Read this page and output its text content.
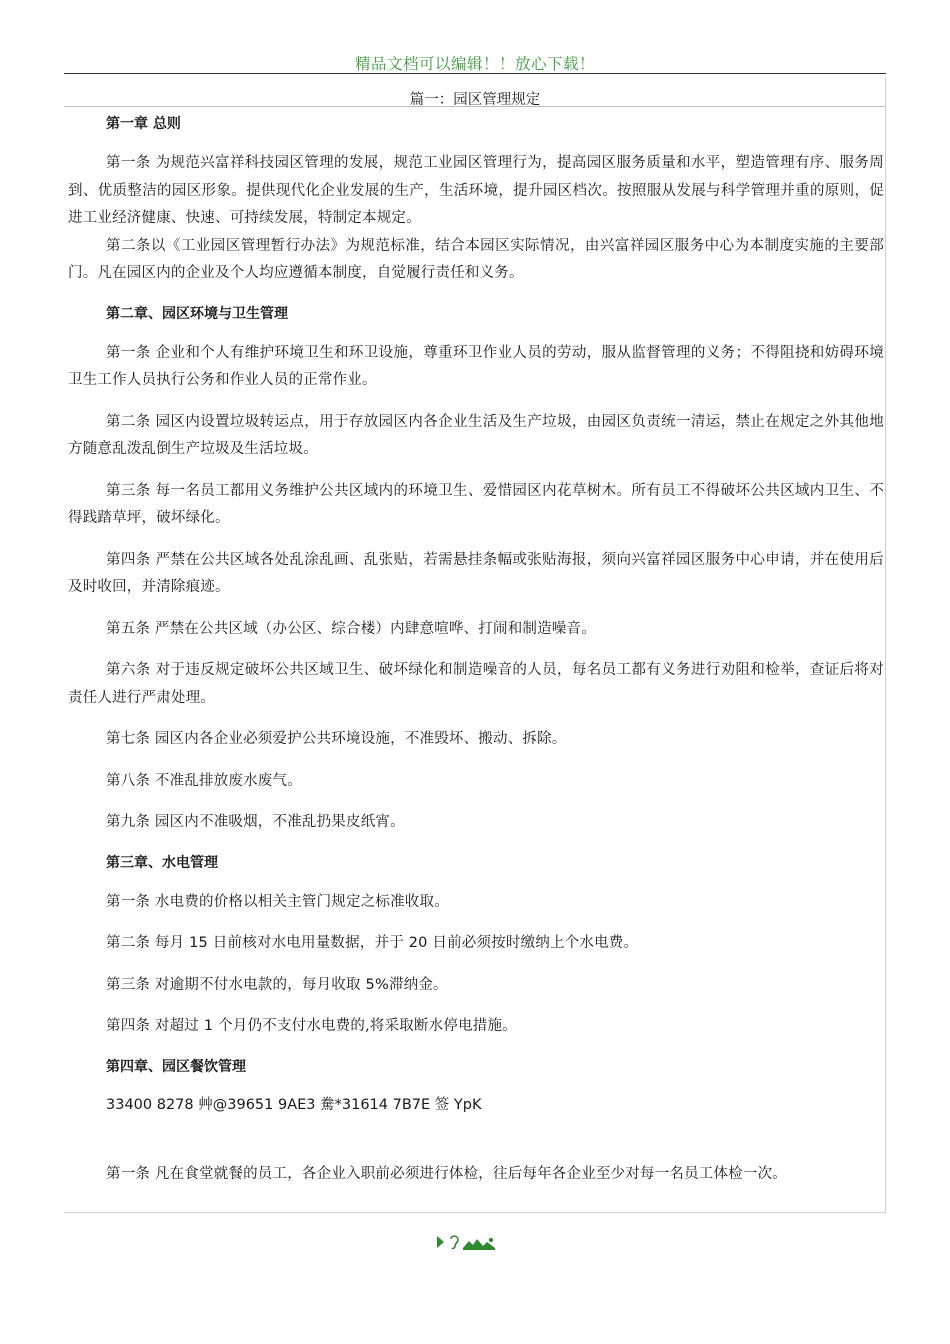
精品文档可以编辑！！放心下载！
篇一：园区管理规定

第一章 总则

第一条 为规范兴富祥科技园区管理的发展，规范工业园区管理行为，提高园区服务质量和水平，塑造管理有序、服务周到、优质整洁的园区形象。提供现代化企业发展的生产，生活环境，提升园区档次。按照服从发展与科学管理并重的原则，促进工业经济健康、快速、可持续发展，特制定本规定。

第二条以《工业园区管理暂行办法》为规范标准，结合本园区实际情况，由兴富祥园区服务中心为本制度实施的主要部门。凡在园区内的企业及个人均应遵循本制度，自觉履行责任和义务。

第二章、园区环境与卫生管理

第一条 企业和个人有维护环境卫生和环卫设施，尊重环卫作业人员的劳动，服从监督管理的义务；不得阻挠和妨碍环境卫生工作人员执行公务和作业人员的正常作业。

第二条 园区内设置垃圾转运点，用于存放园区内各企业生活及生产垃圾，由园区负责统一清运，禁止在规定之外其他地方随意乱泼乱倒生产垃圾及生活垃圾。

第三条 每一名员工都用义务维护公共区域内的环境卫生、爱惜园区内花草树木。所有员工不得破坏公共区域内卫生、不得践踏草坪，破坏绿化。

第四条 严禁在公共区域各处乱涂乱画、乱张贴，若需悬挂条幅或张贴海报，须向兴富祥园区服务中心申请，并在使用后及时收回，并清除痕迹。

第五条 严禁在公共区域（办公区、综合楼）内肆意喧哗、打闹和制造噪音。

第六条 对于违反规定破坏公共区域卫生、破坏绿化和制造噪音的人员，每名员工都有义务进行劝阻和检举，查证后将对责任人进行严肃处理。

第七条 园区内各企业必须爱护公共环境设施，不准毁坏、搬动、拆除。

第八条 不准乱排放废水废气。

第九条 园区内不准吸烟，不准乱扔果皮纸宵。

第三章、水电管理

第一条 水电费的价格以相关主管门规定之标准收取。

第二条 每月 15 日前核对水电用量数据，并于 20 日前必须按时缴纳上个水电费。

第三条 对逾期不付水电款的，每月收取 5%滞纳金。

第四条 对超过 1 个月仍不支付水电费的,将采取断水停电措施。

第四章、园区餐饮管理

33400 8278 艸@39651 9AE3 駦*31614 7B7E 签 YpK

第一条 凡在食堂就餐的员工，各企业入职前必须进行体检，往后每年各企业至少对每一名员工体检一次。
